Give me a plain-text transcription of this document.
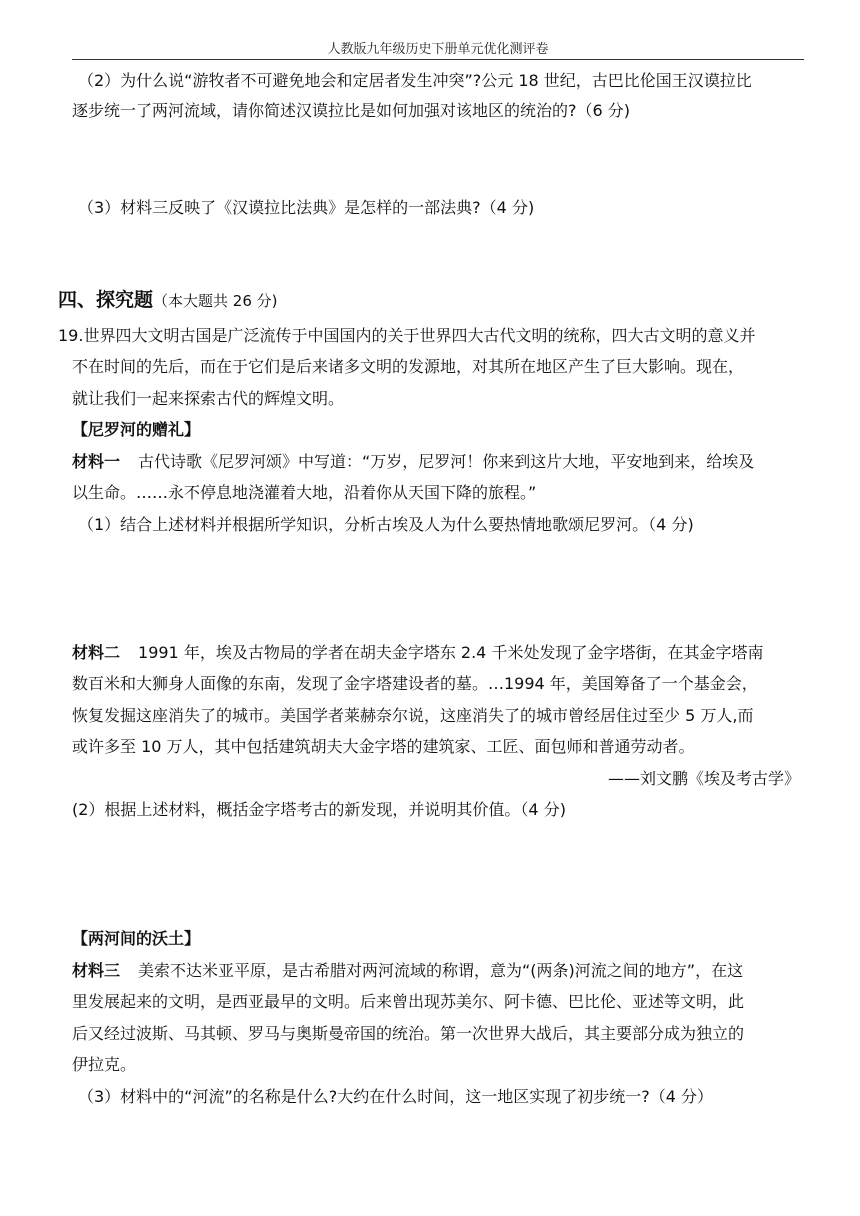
人教版九年级历史下册单元优化测评卷
（2）为什么说“游牧者不可避免地会和定居者发生冲突”?公元 18 世纪，古巴比伦国王汉谟拉比
逐步统一了两河流域，请你简述汉谟拉比是如何加强对该地区的统治的?（6 分)
（3）材料三反映了《汉谟拉比法典》是怎样的一部法典?（4 分)
四、探究题（本大题共 26 分)
19.世界四大文明古国是广泛流传于中国国内的关于世界四大古代文明的统称，四大古文明的意义并
不在时间的先后，而在于它们是后来诸多文明的发源地，对其所在地区产生了巨大影响。现在，
就让我们一起来探索古代的辉煌文明。
【尼罗河的赠礼】
材料一 古代诗歌《尼罗河颂》中写道：“万岁，尼罗河！你来到这片大地，平安地到来，给埃及
以生命。……永不停息地浇灌着大地，沿着你从天国下降的旅程。”
（1）结合上述材料并根据所学知识，分析古埃及人为什么要热情地歌颂尼罗河。（4 分)
材料二 1991 年，埃及古物局的学者在胡夫金字塔东 2.4 千米处发现了金字塔街，在其金字塔南
数百米和大狮身人面像的东南，发现了金字塔建设者的墓。…1994 年，美国筹备了一个基金会，
恢复发掘这座消失了的城市。美国学者莱赫奈尔说，这座消失了的城市曾经居住过至少 5 万人,而
或许多至 10 万人，其中包括建筑胡夫大金字塔的建筑家、工匠、面包师和普通劳动者。
——刘文鹏《埃及考古学》
(2）根据上述材料，概括金字塔考古的新发现，并说明其价值。（4 分)
【两河间的沃土】
材料三 美索不达米亚平原，是古希腊对两河流域的称谓，意为“(两条)河流之间的地方”，在这
里发展起来的文明，是西亚最早的文明。后来曾出现苏美尔、阿卡德、巴比伦、亚述等文明，此
后又经过波斯、马其顿、罗马与奥斯曼帝国的统治。第一次世界大战后，其主要部分成为独立的
伊拉克。
（3）材料中的“河流”的名称是什么?大约在什么时间，这一地区实现了初步统一?（4 分）
